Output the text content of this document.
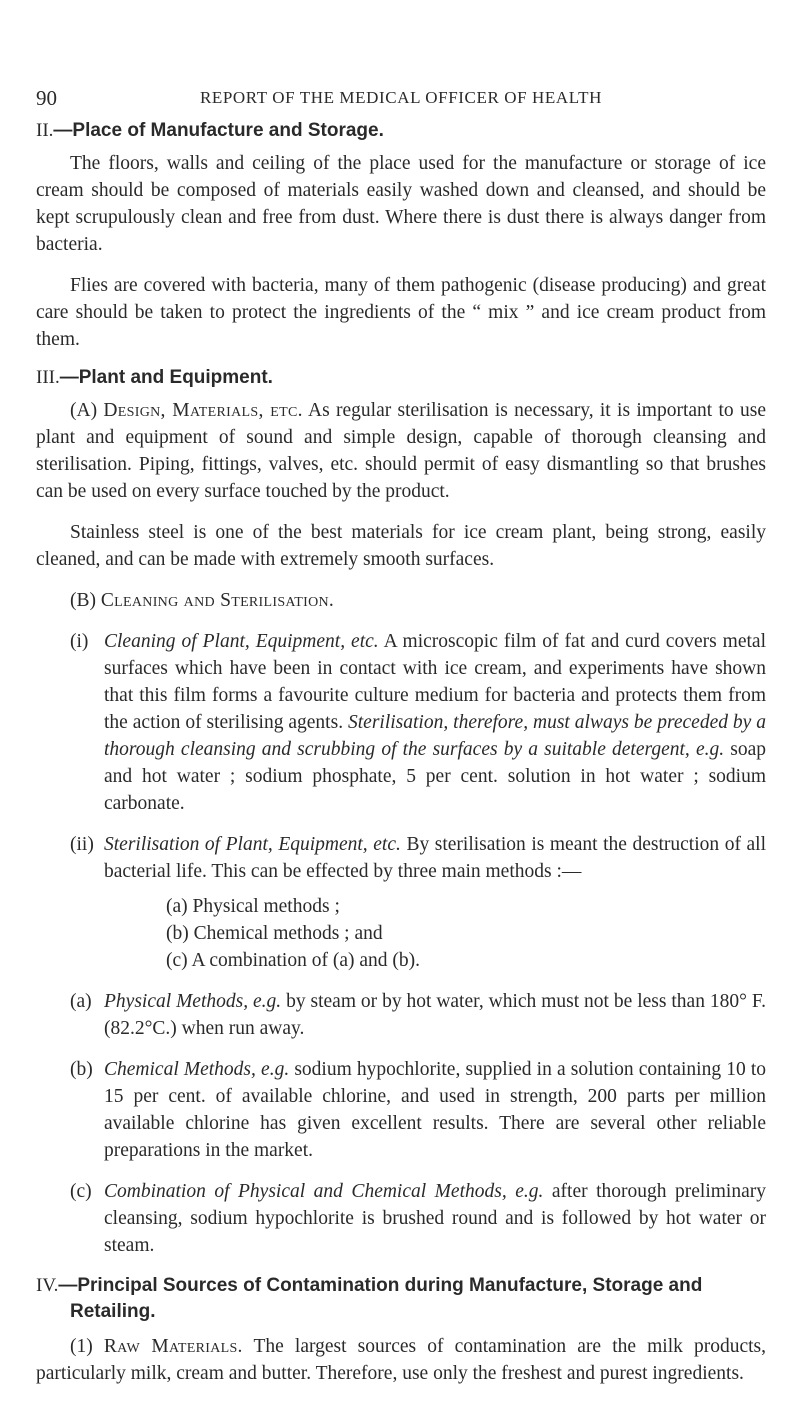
90	REPORT OF THE MEDICAL OFFICER OF HEALTH
II.—Place of Manufacture and Storage.

The floors, walls and ceiling of the place used for the manufacture or storage of ice cream should be composed of materials easily washed down and cleansed, and should be kept scrupulously clean and free from dust. Where there is dust there is always danger from bacteria.

Flies are covered with bacteria, many of them pathogenic (disease producing) and great care should be taken to protect the ingredients of the “ mix ” and ice cream product from them.

III.—Plant and Equipment.

(A) Design, Materials, etc. As regular sterilisation is necessary, it is important to use plant and equipment of sound and simple design, capable of thorough cleansing and sterilisation. Piping, fittings, valves, etc. should permit of easy dismantling so that brushes can be used on every surface touched by the product.

Stainless steel is one of the best materials for ice cream plant, being strong, easily cleaned, and can be made with extremely smooth surfaces.

(B) Cleaning and Sterilisation.

(i) Cleaning of Plant, Equipment, etc. A microscopic film of fat and curd covers metal surfaces which have been in contact with ice cream, and experiments have shown that this film forms a favourite culture medium for bacteria and protects them from the action of sterilising agents. Sterilisation, therefore, must always be preceded by a thorough cleansing and scrubbing of the surfaces by a suitable detergent, e.g. soap and hot water ; sodium phosphate, 5 per cent. solution in hot water ; sodium carbonate.

(ii) Sterilisation of Plant, Equipment, etc. By sterilisation is meant the destruction of all bacterial life. This can be effected by three main methods :—

(a) Physical methods ;
(b) Chemical methods ; and
(c) A combination of (a) and (b).

(a) Physical Methods, e.g. by steam or by hot water, which must not be less than 180° F. (82.2°C.) when run away.

(b) Chemical Methods, e.g. sodium hypochlorite, supplied in a solution containing 10 to 15 per cent. of available chlorine, and used in strength, 200 parts per million available chlorine has given excellent results. There are several other reliable preparations in the market.

(c) Combination of Physical and Chemical Methods, e.g. after thorough preliminary cleansing, sodium hypochlorite is brushed round and is followed by hot water or steam.

IV.—Principal Sources of Contamination during Manufacture, Storage and Retailing.

(1) Raw Materials. The largest sources of contamination are the milk products, particularly milk, cream and butter. Therefore, use only the freshest and purest ingredients.
